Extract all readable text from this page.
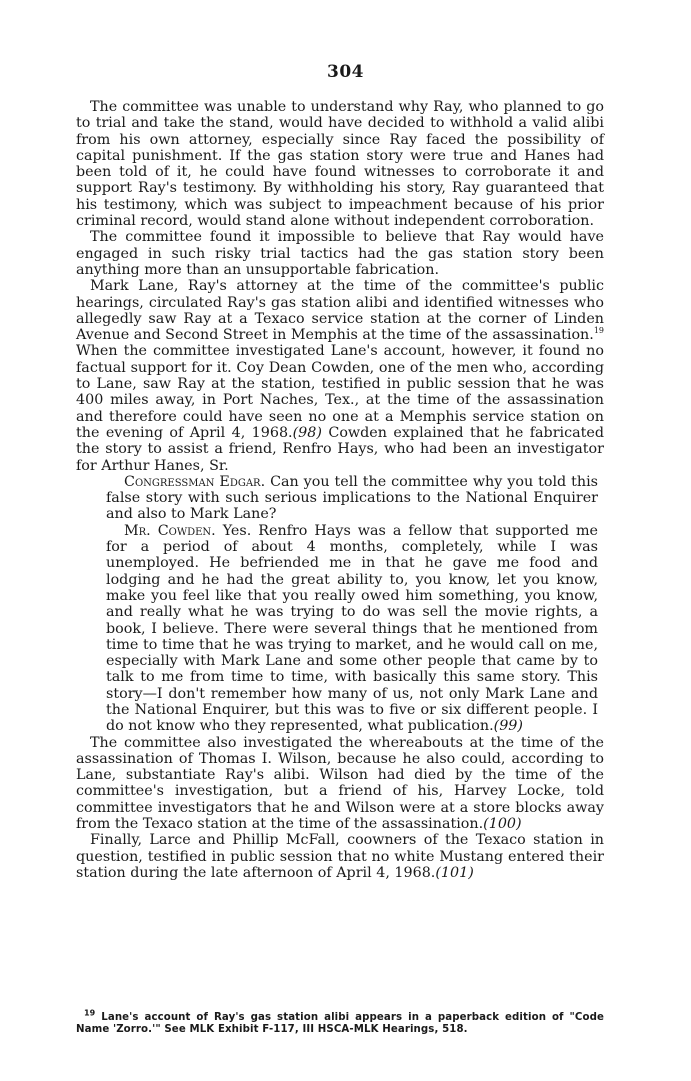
304

The committee was unable to understand why Ray, who planned to go to trial and take the stand, would have decided to withhold a valid alibi from his own attorney, especially since Ray faced the possibility of capital punishment. If the gas station story were true and Hanes had been told of it, he could have found witnesses to corroborate it and support Ray's testimony. By withholding his story, Ray guaranteed that his testimony, which was subject to impeachment because of his prior criminal record, would stand alone without independent corroboration.

The committee found it impossible to believe that Ray would have engaged in such risky trial tactics had the gas station story been anything more than an unsupportable fabrication.

Mark Lane, Ray's attorney at the time of the committee's public hearings, circulated Ray's gas station alibi and identified witnesses who allegedly saw Ray at a Texaco service station at the corner of Linden Avenue and Second Street in Memphis at the time of the assassination.$^{19}$ When the committee investigated Lane's account, however, it found no factual support for it. Coy Dean Cowden, one of the men who, according to Lane, saw Ray at the station, testified in public session that he was 400 miles away, in Port Naches, Tex., at the time of the assassination and therefore could have seen no one at a Memphis service station on the evening of April 4, 1968.(98) Cowden explained that he fabricated the story to assist a friend, Renfro Hays, who had been an investigator for Arthur Hanes, Sr.

Congressman Edgar. Can you tell the committee why you told this false story with such serious implications to the National Enquirer and also to Mark Lane?

Mr. Cowden. Yes. Renfro Hays was a fellow that supported me for a period of about 4 months, completely, while I was unemployed. He befriended me in that he gave me food and lodging and he had the great ability to, you know, let you know, make you feel like that you really owed him something, you know, and really what he was trying to do was sell the movie rights, a book, I believe. There were several things that he mentioned from time to time that he was trying to market, and he would call on me, especially with Mark Lane and some other people that came by to talk to me from time to time, with basically this same story. This story—I don't remember how many of us, not only Mark Lane and the National Enquirer, but this was to five or six different people. I do not know who they represented, what publication.(99)

The committee also investigated the whereabouts at the time of the assassination of Thomas I. Wilson, because he also could, according to Lane, substantiate Ray's alibi. Wilson had died by the time of the committee's investigation, but a friend of his, Harvey Locke, told committee investigators that he and Wilson were at a store blocks away from the Texaco station at the time of the assassination.(100)

Finally, Larce and Phillip McFall, coowners of the Texaco station in question, testified in public session that no white Mustang entered their station during the late afternoon of April 4, 1968.(101)

$^{19}$ Lane's account of Ray's gas station alibi appears in a paperback edition of "Code Name 'Zorro.'" See MLK Exhibit F-117, III HSCA-MLK Hearings, 518.
